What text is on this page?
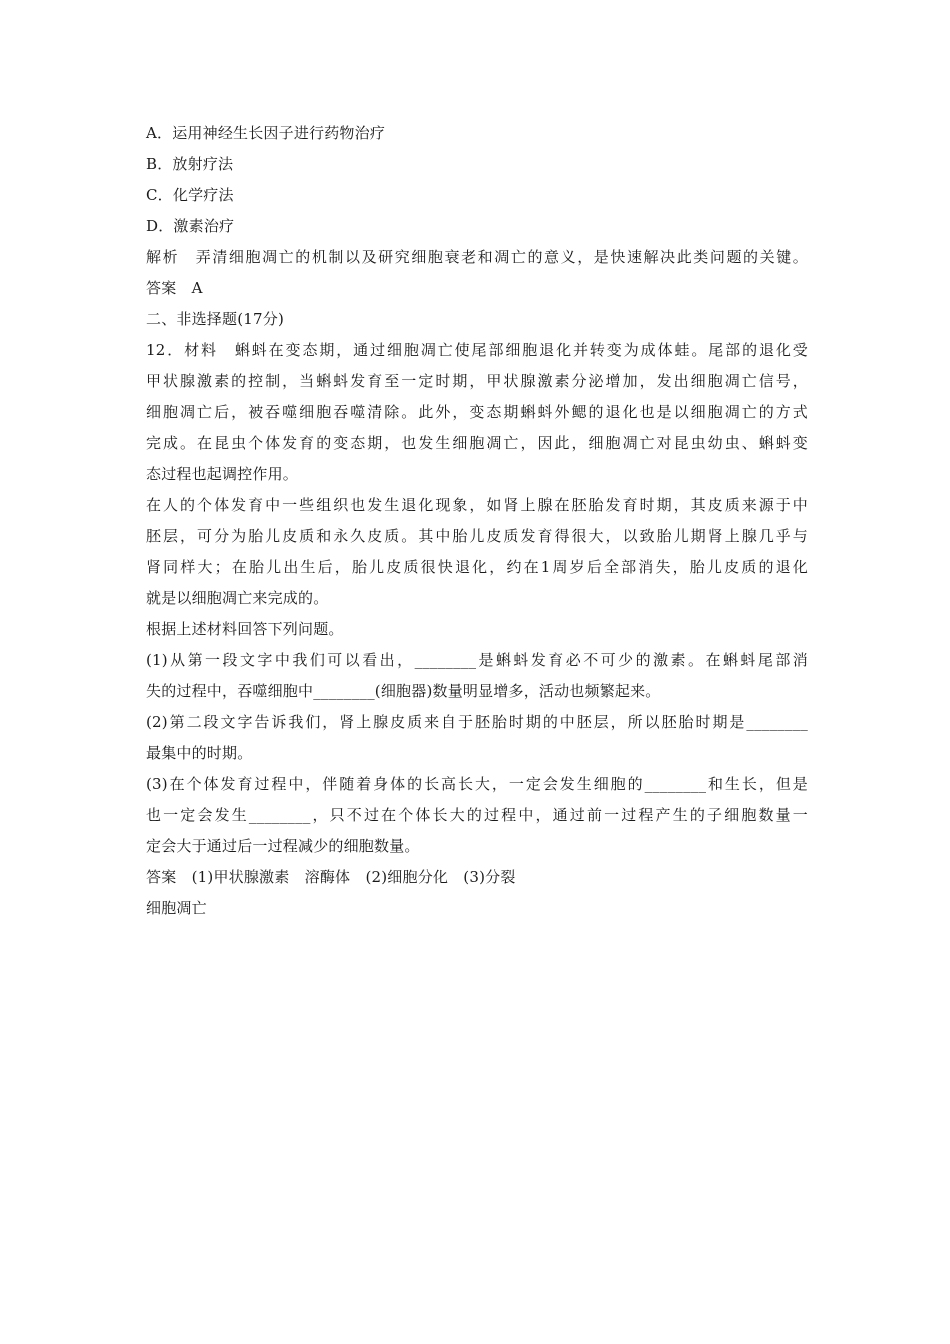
A．运用神经生长因子进行药物治疗
B．放射疗法
C．化学疗法
D．激素治疗
解析　弄清细胞凋亡的机制以及研究细胞衰老和凋亡的意义，是快速解决此类问题的关键。
答案　A
二、非选择题(17分)
12．材料　蝌蚪在变态期，通过细胞凋亡使尾部细胞退化并转变为成体蛙。尾部的退化受
甲状腺激素的控制，当蝌蚪发育至一定时期，甲状腺激素分泌增加，发出细胞凋亡信号，
细胞凋亡后，被吞噬细胞吞噬清除。此外，变态期蝌蚪外鳃的退化也是以细胞凋亡的方式
完成。在昆虫个体发育的变态期，也发生细胞凋亡，因此，细胞凋亡对昆虫幼虫、蝌蚪变
态过程也起调控作用。
在人的个体发育中一些组织也发生退化现象，如肾上腺在胚胎发育时期，其皮质来源于中
胚层，可分为胎儿皮质和永久皮质。其中胎儿皮质发育得很大，以致胎儿期肾上腺几乎与
肾同样大；在胎儿出生后，胎儿皮质很快退化，约在1周岁后全部消失，胎儿皮质的退化
就是以细胞凋亡来完成的。
根据上述材料回答下列问题。
(1)从第一段文字中我们可以看出，________是蝌蚪发育必不可少的激素。在蝌蚪尾部消
失的过程中，吞噬细胞中________(细胞器)数量明显增多，活动也频繁起来。
(2)第二段文字告诉我们，肾上腺皮质来自于胚胎时期的中胚层，所以胚胎时期是________
最集中的时期。
(3)在个体发育过程中，伴随着身体的长高长大，一定会发生细胞的________和生长，但是
也一定会发生________，只不过在个体长大的过程中，通过前一过程产生的子细胞数量一
定会大于通过后一过程减少的细胞数量。
答案　(1)甲状腺激素　溶酶体　(2)细胞分化　(3)分裂
细胞凋亡
